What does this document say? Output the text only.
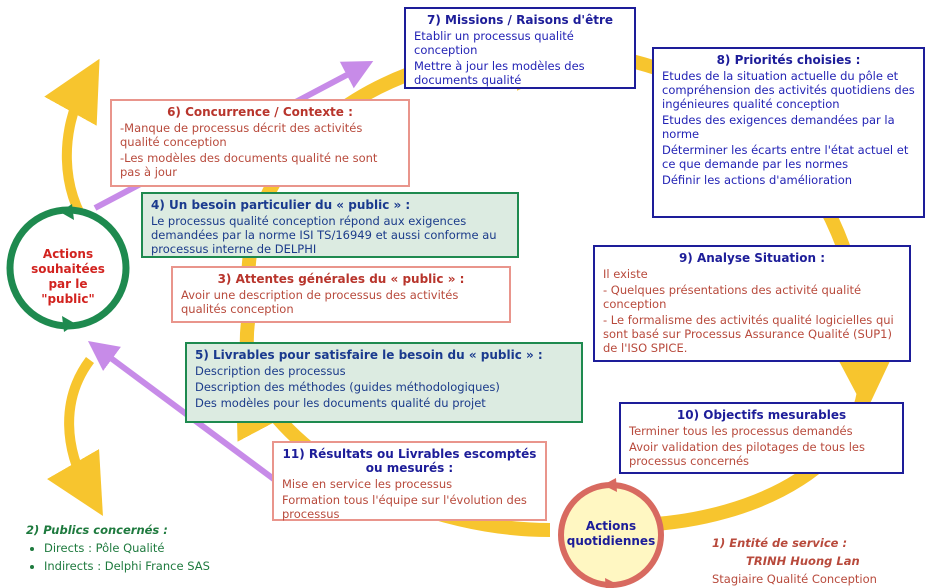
Actions souhaitées par le "public"
Actions quotidiennes
7) Missions / Raisons d'être

Etablir un processus qualité conception

Mettre à jour les modèles des documents qualité

8) Priorités choisies :

Etudes de la situation actuelle du pôle et compréhension des activités quotidiens des ingénieures qualité conception

Etudes des exigences demandées par la norme

Déterminer les écarts entre l'état actuel et ce que demande par les normes

Définir les actions d'amélioration

6) Concurrence / Contexte :

-Manque de processus décrit des activités qualité conception

-Les modèles des documents qualité ne sont pas à jour

4) Un besoin particulier du « public » :

Le processus qualité conception répond aux exigences demandées par la norme ISI TS/16949 et aussi conforme au processus interne de DELPHI

3) Attentes générales du « public » :

Avoir une description de processus des activités qualités conception

9) Analyse Situation :

Il existe

- Quelques présentations des activité qualité conception

- Le formalisme des activités qualité logicielles qui sont basé sur Processus Assurance Qualité (SUP1) de l'ISO SPICE.

5) Livrables pour satisfaire le besoin du « public » :

Description des processus

Description des méthodes (guides méthodologiques)

Des modèles pour les documents qualité du projet

10) Objectifs mesurables

Terminer tous les processus demandés

Avoir validation des pilotages de tous les processus concernés

11) Résultats ou Livrables escomptés ou mesurés :

Mise en service les processus

Formation tous l'équipe sur l'évolution des processus

2) Publics concernés :
• Directs : Pôle Qualité
• Indirects : Delphi France SAS
1) Entité de service :
TRINH Huong Lan
Stagiaire Qualité Conception
